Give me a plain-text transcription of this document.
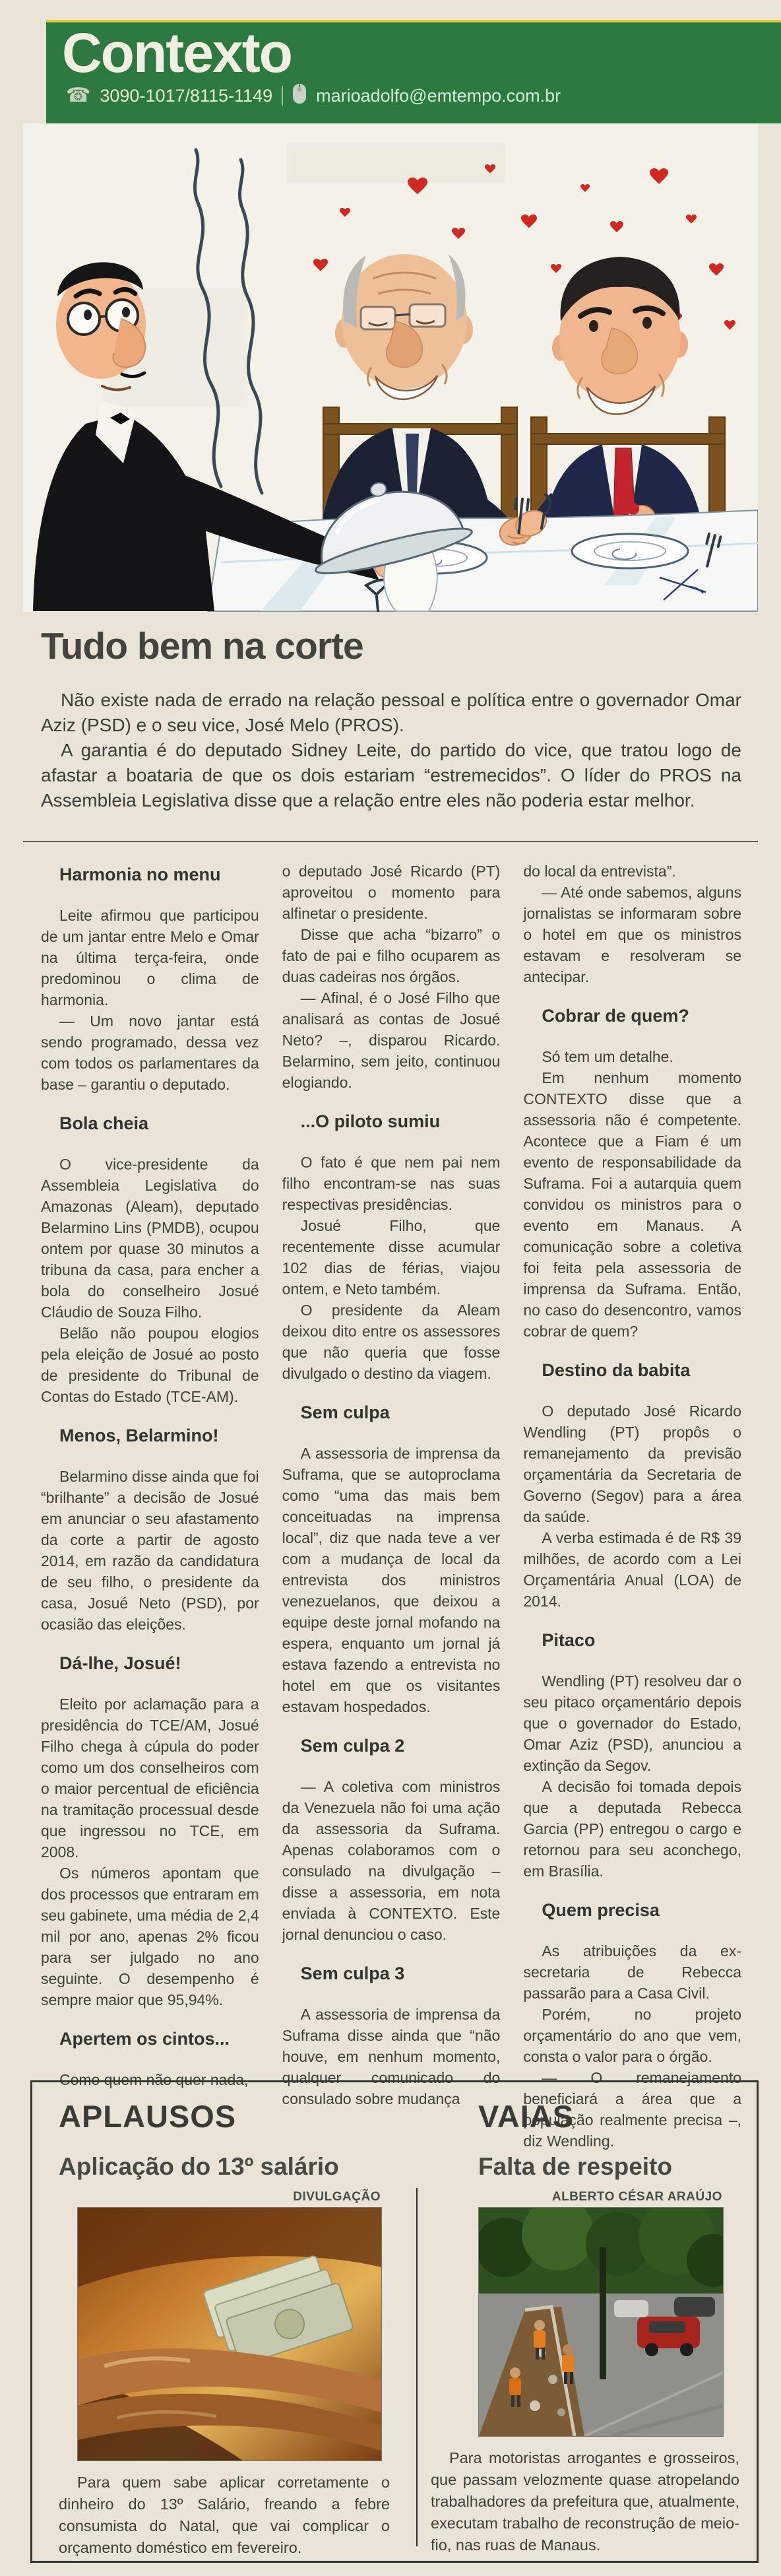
Contexto
☎ 3090-1017/8115-1149 marioadolfo@emtempo.com.br
Tudo bem na corte

Não existe nada de errado na relação pessoal e política entre o governador Omar Aziz (PSD) e o seu vice, José Melo (PROS).

A garantia é do deputado Sidney Leite, do partido do vice, que tratou logo de afastar a boataria de que os dois estariam “estremecidos”. O líder do PROS na Assembleia Legislativa disse que a relação entre eles não poderia estar melhor.

Harmonia no menu

Leite afirmou que participou de um jantar entre Melo e Omar na última terça-feira, onde predominou o clima de harmonia.

— Um novo jantar está sendo programado, dessa vez com todos os parlamentares da base – garantiu o deputado.

Bola cheia

O vice-presidente da Assembleia Legislativa do Amazonas (Aleam), deputado Belarmino Lins (PMDB), ocupou ontem por quase 30 minutos a tribuna da casa, para encher a bola do conselheiro Josué Cláudio de Souza Filho.

Belão não poupou elogios pela eleição de Josué ao posto de presidente do Tribunal de Contas do Estado (TCE-AM).

Menos, Belarmino!

Belarmino disse ainda que foi “brilhante” a decisão de Josué em anunciar o seu afastamento da corte a partir de agosto 2014, em razão da candidatura de seu filho, o presidente da casa, Josué Neto (PSD), por ocasião das eleições.

Dá-lhe, Josué!

Eleito por aclamação para a presidência do TCE/AM, Josué Filho chega à cúpula do poder como um dos conselheiros com o maior percentual de eficiência na tramitação processual desde que ingressou no TCE, em 2008.

Os números apontam que dos processos que entraram em seu gabinete, uma média de 2,4 mil por ano, apenas 2% ficou para ser julgado no ano seguinte. O desempenho é sempre maior que 95,94%.

Apertem os cintos...

Como quem não quer nada,

o deputado José Ricardo (PT) aproveitou o momento para alfinetar o presidente.

Disse que acha “bizarro” o fato de pai e filho ocuparem as duas cadeiras nos órgãos.

— Afinal, é o José Filho que analisará as contas de Josué Neto? –, disparou Ricardo. Belarmino, sem jeito, continuou elogiando.

...O piloto sumiu

O fato é que nem pai nem filho encontram-se nas suas respectivas presidências.

Josué Filho, que recentemente disse acumular 102 dias de férias, viajou ontem, e Neto também.

O presidente da Aleam deixou dito entre os assessores que não queria que fosse divulgado o destino da viagem.

Sem culpa

A assessoria de imprensa da Suframa, que se autoproclama como “uma das mais bem conceituadas na imprensa local”, diz que nada teve a ver com a mudança de local da entrevista dos ministros venezuelanos, que deixou a equipe deste jornal mofando na espera, enquanto um jornal já estava fazendo a entrevista no hotel em que os visitantes estavam hospedados.

Sem culpa 2

— A coletiva com ministros da Venezuela não foi uma ação da assessoria da Suframa. Apenas colaboramos com o consulado na divulgação – disse a assessoria, em nota enviada à CONTEXTO. Este jornal denunciou o caso.

Sem culpa 3

A assessoria de imprensa da Suframa disse ainda que “não houve, em nenhum momento, qualquer comunicado do consulado sobre mudança

do local da entrevista”.

— Até onde sabemos, alguns jornalistas se informaram sobre o hotel em que os ministros estavam e resolveram se antecipar.

Cobrar de quem?

Só tem um detalhe.

Em nenhum momento CONTEXTO disse que a assessoria não é competente. Acontece que a Fiam é um evento de responsabilidade da Suframa. Foi a autarquia quem convidou os ministros para o evento em Manaus. A comunicação sobre a coletiva foi feita pela assessoria de imprensa da Suframa. Então, no caso do desencontro, vamos cobrar de quem?

Destino da babita

O deputado José Ricardo Wendling (PT) propôs o remanejamento da previsão orçamentária da Secretaria de Governo (Segov) para a área da saúde.

A verba estimada é de R$ 39 milhões, de acordo com a Lei Orçamentária Anual (LOA) de 2014.

Pitaco

Wendling (PT) resolveu dar o seu pitaco orçamentário depois que o governador do Estado, Omar Aziz (PSD), anunciou a extinção da Segov.

A decisão foi tomada depois que a deputada Rebecca Garcia (PP) entregou o cargo e retornou para seu aconchego, em Brasília.

Quem precisa

As atribuições da ex-secretaria de Rebecca passarão para a Casa Civil.

Porém, no projeto orçamentário do ano que vem, consta o valor para o órgão.

— O remanejamento beneficiará a área que a população realmente precisa –, diz Wendling.

APLAUSOS
Aplicação do 13º salário
DIVULGAÇÃO

Para quem sabe aplicar corretamente o dinheiro do 13º Salário, freando a febre consumista do Natal, que vai complicar o orçamento doméstico em fevereiro.

VAIAS
Falta de respeito
ALBERTO CÉSAR ARAÚJO

Para motoristas arrogantes e grosseiros, que passam velozmente quase atropelando trabalhadores da prefeitura que, atualmente, executam trabalho de reconstrução de meio-fio, nas ruas de Manaus.
